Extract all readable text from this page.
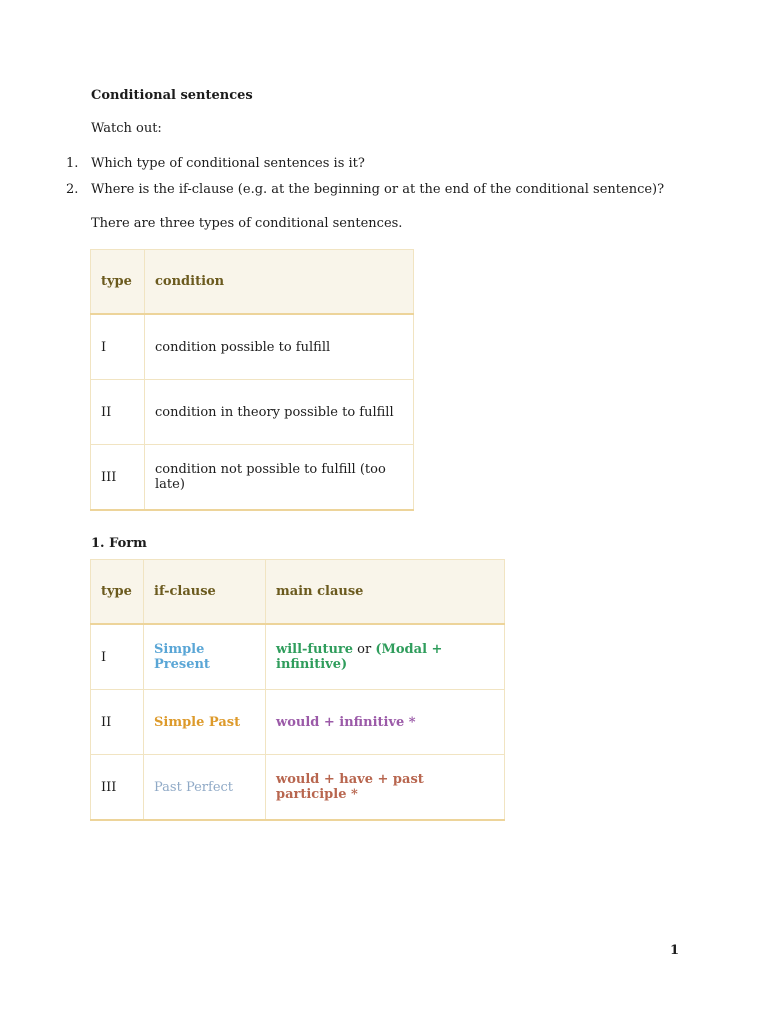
Conditional sentences
Watch out:
1. Which type of conditional sentences is it?
2. Where is the if-clause (e.g. at the beginning or at the end of the conditional sentence)?
There are three types of conditional sentences.
type	condition
I	condition possible to fulfill
II	condition in theory possible to fulfill
III	condition not possible to fulfill (too late)
1. Form
type	if-clause	main clause
I	Simple Present	will-future or (Modal + infinitive)
II	Simple Past	would + infinitive *
III	Past Perfect	would + have + past participle *
1
